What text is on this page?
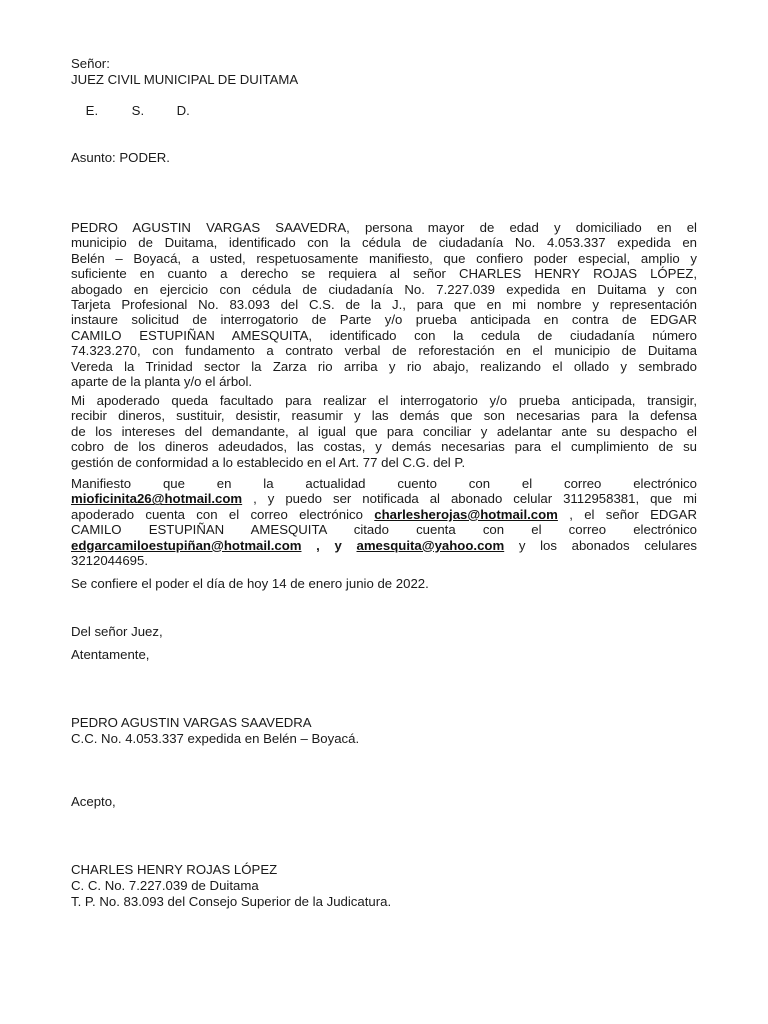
Señor:
JUEZ CIVIL MUNICIPAL DE DUITAMA

E.	S. D.

Asunto: PODER.
PEDRO AGUSTIN VARGAS SAAVEDRA, persona mayor de edad y domiciliado en el
municipio de Duitama, identificado con la cédula de ciudadanía No. 4.053.337 expedida en
Belén – Boyacá, a usted, respetuosamente manifiesto, que confiero poder especial, amplio y
suficiente en cuanto a derecho se requiera al señor CHARLES HENRY ROJAS LÓPEZ,
abogado en ejercicio con cédula de ciudadanía No. 7.227.039 expedida en Duitama y con
Tarjeta Profesional No. 83.093 del C.S. de la J., para que en mi nombre y representación
instaure solicitud de interrogatorio de Parte y/o prueba anticipada en contra de EDGAR
CAMILO ESTUPIÑAN AMESQUITA, identificado con la cedula de ciudadanía número
74.323.270, con fundamento a contrato verbal de reforestación en el municipio de Duitama
Vereda la Trinidad sector la Zarza rio arriba y rio abajo, realizando el ollado y sembrado
aparte de la planta y/o el árbol.
Mi apoderado queda facultado para realizar el interrogatorio y/o prueba anticipada, transigir,
recibir dineros, sustituir, desistir, reasumir y las demás que son necesarias para la defensa
de los intereses del demandante, al igual que para conciliar y adelantar ante su despacho el
cobro de los dineros adeudados, las costas, y demás necesarias para el cumplimiento de su
gestión de conformidad a lo establecido en el Art. 77 del C.G. del P.
Manifiesto que en la actualidad cuento con el correo electrónico
mioficinita26@hotmail.com , y puedo ser notificada al abonado celular 3112958381, que mi
apoderado cuenta con el correo electrónico charlesherojas@hotmail.com , el señor EDGAR
CAMILO ESTUPIÑAN AMESQUITA citado cuenta con el correo electrónico
edgarcamiloestupiñan@hotmail.com , y amesquita@yahoo.com y los abonados celulares
3212044695.
Se confiere el poder el día de hoy 14 de enero junio de 2022.
Del señor Juez,
Atentamente,
PEDRO AGUSTIN VARGAS SAAVEDRA
C.C. No. 4.053.337 expedida en Belén – Boyacá.
Acepto,
CHARLES HENRY ROJAS LÓPEZ
C. C. No. 7.227.039 de Duitama
T. P. No. 83.093 del Consejo Superior de la Judicatura.
